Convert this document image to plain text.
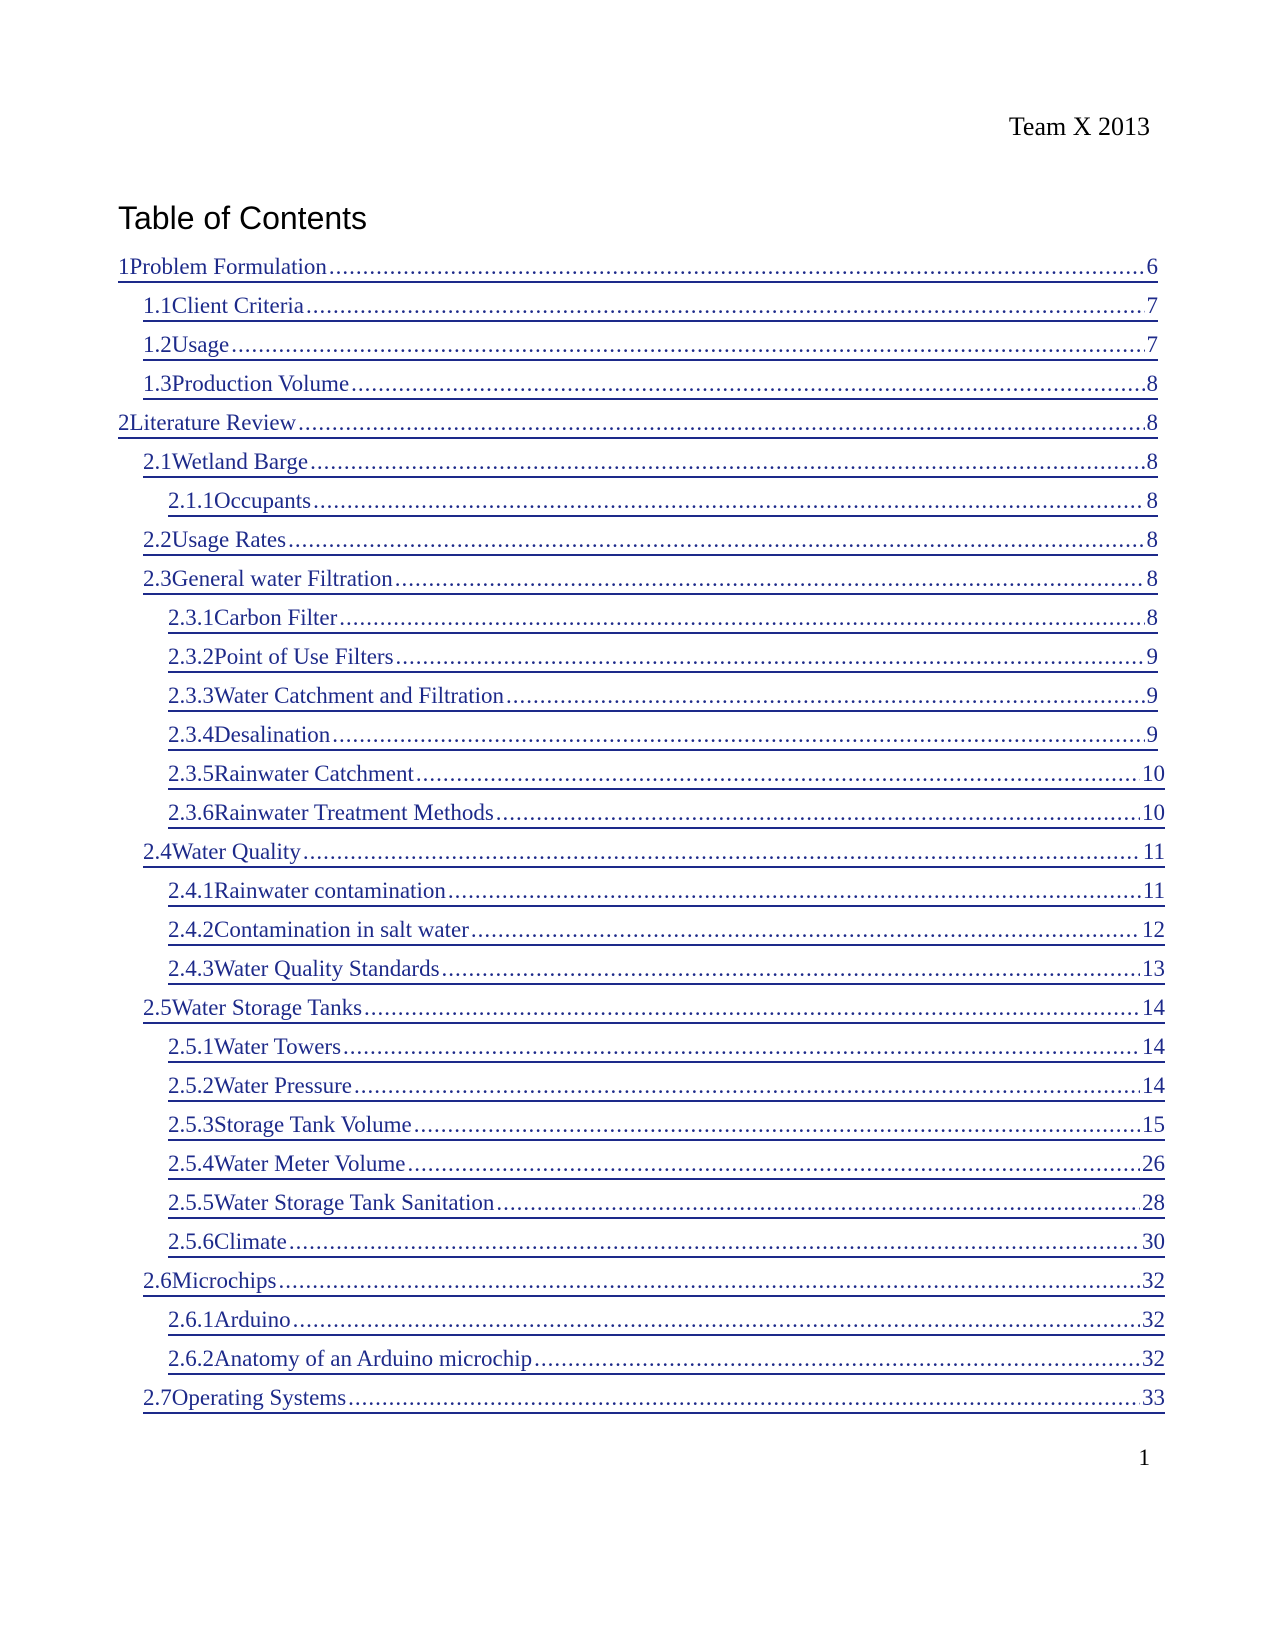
Team X 2013
Table of Contents
1 Problem Formulation .....	6
1.1 Client Criteria .....	7
1.2 Usage .....	7
1.3 Production Volume .....	8
2 Literature Review .....	8
2.1 Wetland Barge .....	8
2.1.1 Occupants .....	8
2.2 Usage Rates .....	8
2.3 General water Filtration .....	8
2.3.1 Carbon Filter .....	8
2.3.2 Point of Use Filters .....	9
2.3.3 Water Catchment and Filtration .....	9
2.3.4 Desalination .....	9
2.3.5 Rainwater Catchment .....	10
2.3.6 Rainwater Treatment Methods .....	10
2.4 Water Quality .....	11
2.4.1 Rainwater contamination .....	11
2.4.2 Contamination in salt water .....	12
2.4.3 Water Quality Standards .....	13
2.5 Water Storage Tanks .....	14
2.5.1 Water Towers .....	14
2.5.2 Water Pressure .....	14
2.5.3 Storage Tank Volume .....	15
2.5.4 Water Meter Volume .....	26
2.5.5 Water Storage Tank Sanitation .....	28
2.5.6 Climate .....	30
2.6 Microchips .....	32
2.6.1 Arduino .....	32
2.6.2 Anatomy of an Arduino microchip .....	32
2.7 Operating Systems .....	33
1
